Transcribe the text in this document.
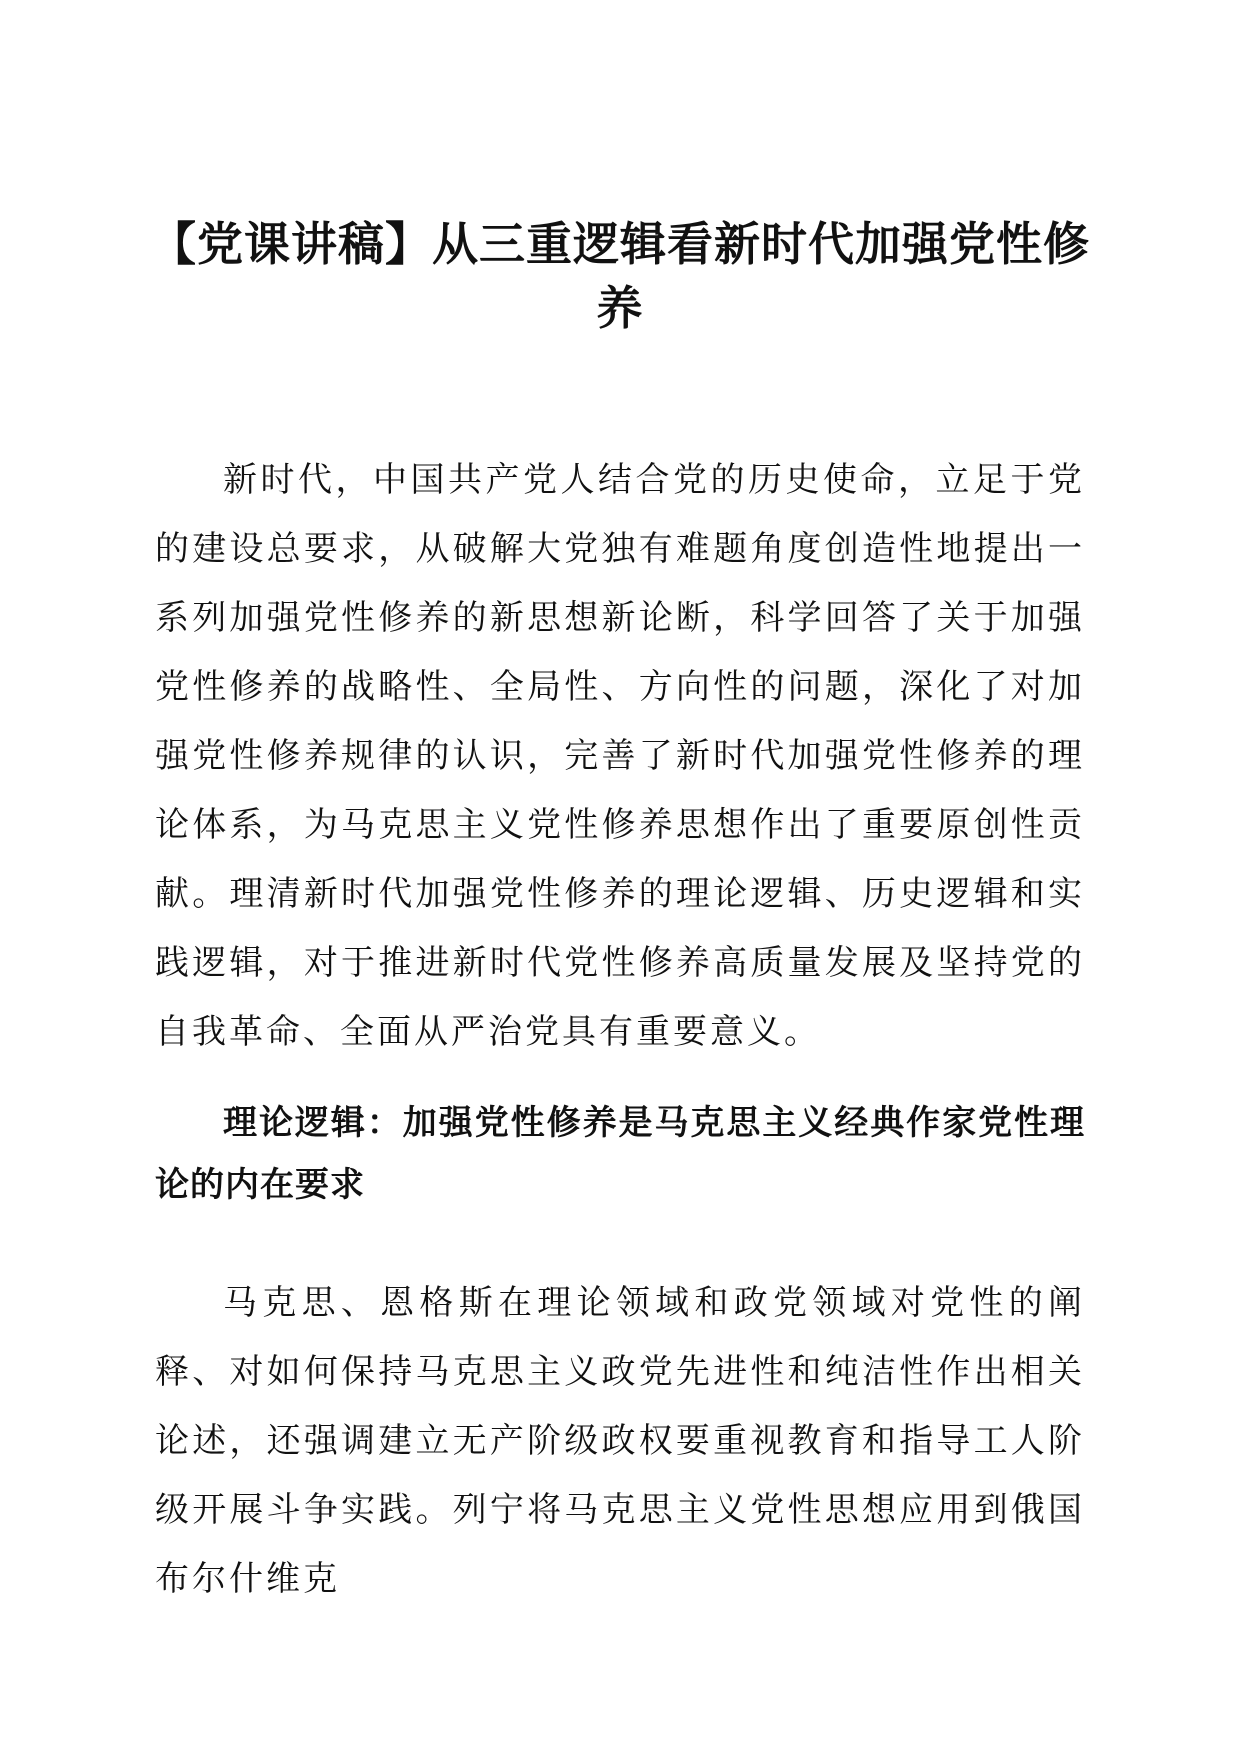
【党课讲稿】从三重逻辑看新时代加强党性修养

新时代，中国共产党人结合党的历史使命，立足于党的建设总要求，从破解大党独有难题角度创造性地提出一系列加强党性修养的新思想新论断，科学回答了关于加强党性修养的战略性、全局性、方向性的问题，深化了对加强党性修养规律的认识，完善了新时代加强党性修养的理论体系，为马克思主义党性修养思想作出了重要原创性贡献。理清新时代加强党性修养的理论逻辑、历史逻辑和实践逻辑，对于推进新时代党性修养高质量发展及坚持党的自我革命、全面从严治党具有重要意义。

理论逻辑：加强党性修养是马克思主义经典作家党性理论的内在要求

马克思、恩格斯在理论领域和政党领域对党性的阐释、对如何保持马克思主义政党先进性和纯洁性作出相关论述，还强调建立无产阶级政权要重视教育和指导工人阶级开展斗争实践。列宁将马克思主义党性思想应用到俄国布尔什维克
